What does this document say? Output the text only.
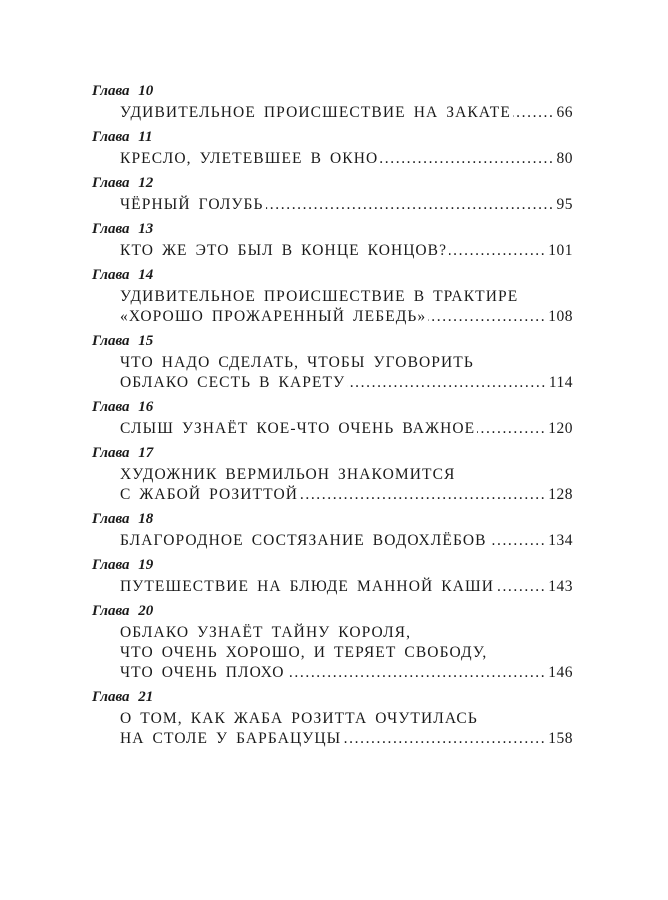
Глава 10
УДИВИТЕЛЬНОЕ ПРОИСШЕСТВИЕ НА ЗАКАТЕ .....	66
Глава 11
КРЕСЛО, УЛЕТЕВШЕЕ В ОКНО .....	80
Глава 12
ЧЁРНЫЙ ГОЛУБЬ .....	95
Глава 13
КТО ЖЕ ЭТО БЫЛ В КОНЦЕ КОНЦОВ? .....	101
Глава 14
УДИВИТЕЛЬНОЕ ПРОИСШЕСТВИЕ В ТРАКТИРЕ
«ХОРОШО ПРОЖАРЕННЫЙ ЛЕБЕДЬ» .....	108
Глава 15
ЧТО НАДО СДЕЛАТЬ, ЧТОБЫ УГОВОРИТЬ
ОБЛАКО СЕСТЬ В КАРЕТУ .....	114
Глава 16
СЛЫШ УЗНАЁТ КОЕ-ЧТО ОЧЕНЬ ВАЖНОЕ .....	120
Глава 17
ХУДОЖНИК ВЕРМИЛЬОН ЗНАКОМИТСЯ
С ЖАБОЙ РОЗИТТОЙ .....	128
Глава 18
БЛАГОРОДНОЕ СОСТЯЗАНИЕ ВОДОХЛЁБОВ .....	134
Глава 19
ПУТЕШЕСТВИЕ НА БЛЮДЕ МАННОЙ КАШИ .....	143
Глава 20
ОБЛАКО УЗНАЁТ ТАЙНУ КОРОЛЯ,
ЧТО ОЧЕНЬ ХОРОШО, И ТЕРЯЕТ СВОБОДУ,
ЧТО ОЧЕНЬ ПЛОХО .....	146
Глава 21
О ТОМ, КАК ЖАБА РОЗИТТА ОЧУТИЛАСЬ
НА СТОЛЕ У БАРБАЦУЦЫ .....	158
